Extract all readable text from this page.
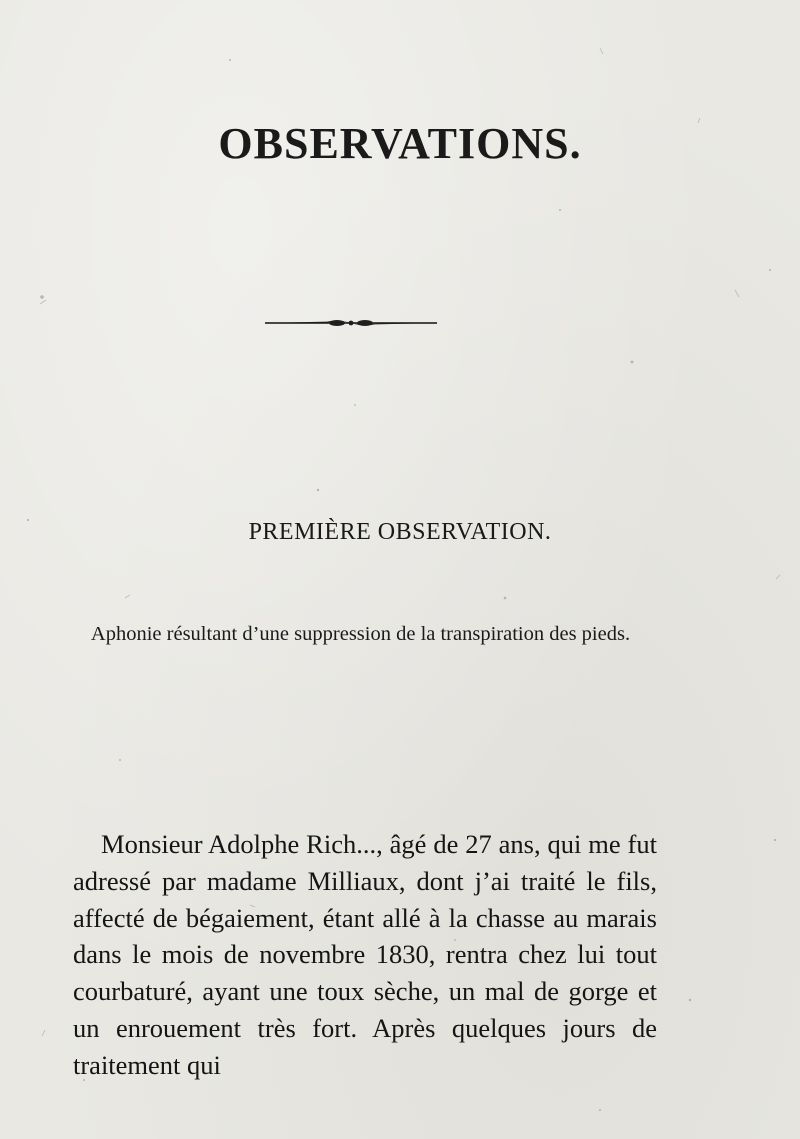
OBSERVATIONS.
PREMIÈRE OBSERVATION.

Aphonie résultant d’une suppression de la transpiration des pieds.

Monsieur Adolphe Rich..., âgé de 27 ans, qui me fut adressé par madame Milliaux, dont j’ai traité le fils, affecté de bégaiement, étant allé à la chasse au marais dans le mois de novembre 1830, rentra chez lui tout courbaturé, ayant une toux sèche, un mal de gorge et un enrouement très fort. Après quelques jours de traitement qui
